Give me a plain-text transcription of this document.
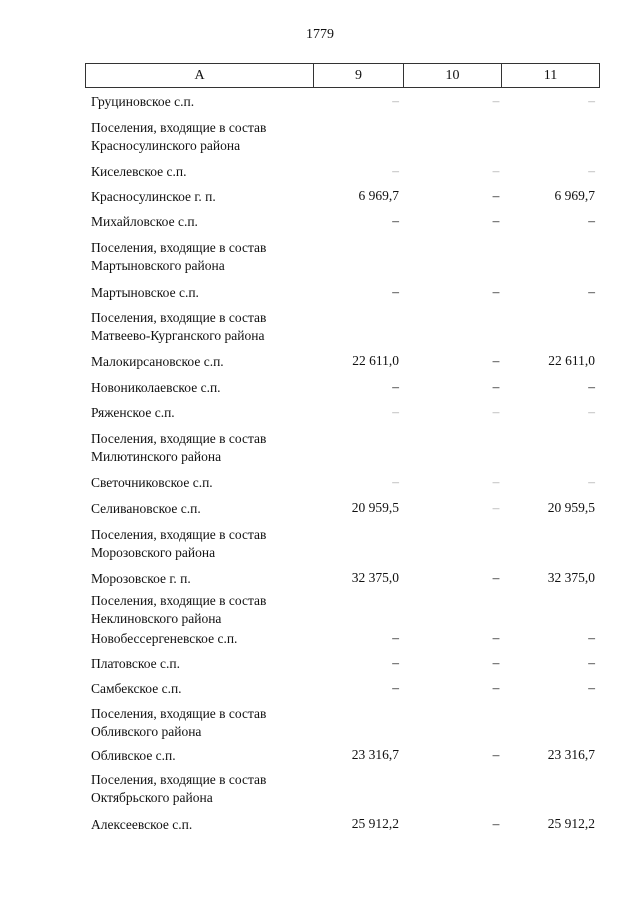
1779
А	9	10	11
Груциновское с.п.	–	–	–
Поселения, входящие в состав Красносулинского района
Киселевское с.п.	–	–	–
Красносулинское г. п.	6 969,7	–	6 969,7
Михайловское с.п.	–	–	–
Поселения, входящие в состав Мартыновского района
Мартыновское с.п.	–	–	–
Поселения, входящие в состав Матвеево-Курганского района
Малокирсановское с.п.	22 611,0	–	22 611,0
Новониколаевское с.п.	–	–	–
Ряженское с.п.	–	–	–
Поселения, входящие в состав Милютинского района
Светочниковское с.п.	–	–	–
Селивановское с.п.	20 959,5	–	20 959,5
Поселения, входящие в состав Морозовского района
Морозовское г. п.	32 375,0	–	32 375,0
Поселения, входящие в состав Неклиновского района
Новобессергеневское с.п.	–	–	–
Платовское с.п.	–	–	–
Самбекское с.п.	–	–	–
Поселения, входящие в состав Обливского района
Обливское с.п.	23 316,7	–	23 316,7
Поселения, входящие в состав Октябрьского района
Алексеевское с.п.	25 912,2	–	25 912,2
